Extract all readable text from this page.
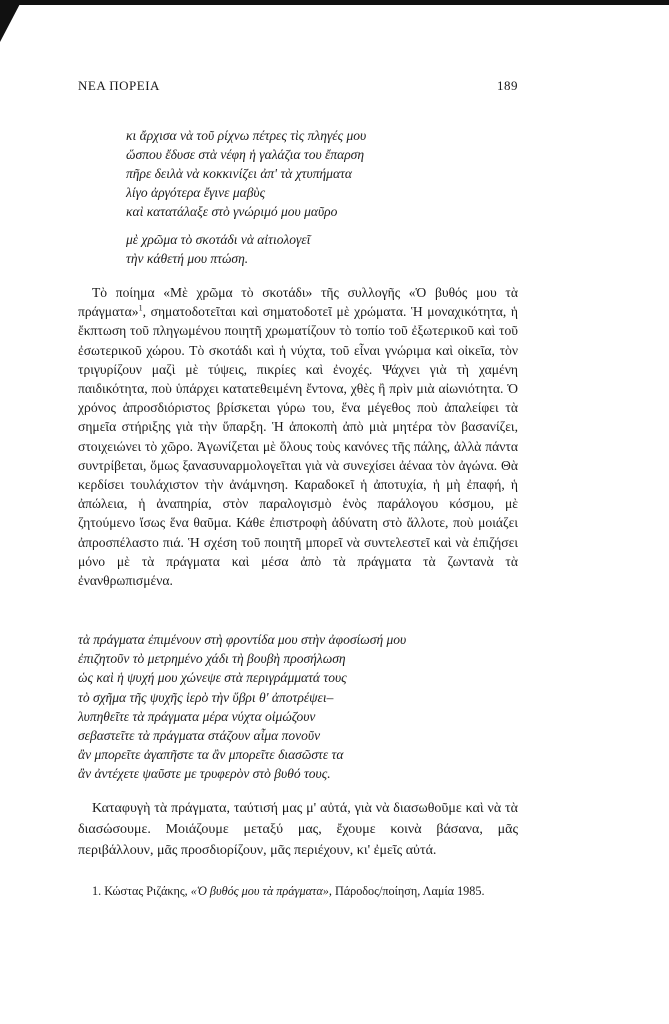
ΝΕΑ ΠΟΡΕΙΑ	189
κι ἄρχισα νὰ τοῦ ρίχνω πέτρες τὶς πληγές μου
ὥσπου ἔδυσε στὰ νέφη ἡ γαλάζια του ἔπαρση
πῆρε δειλὰ νὰ κοκκινίζει ἀπ' τὰ χτυπήματα
λίγο ἀργότερα ἔγινε μαβὺς
καὶ κατατάλαξε στὸ γνώριμό μου μαῦρο
μὲ χρῶμα τὸ σκοτάδι νὰ αἰτιολογεῖ
τὴν κάθετή μου πτώση.

Τὸ ποίημα «Μὲ χρῶμα τὸ σκοτάδι» τῆς συλλογῆς «Ὁ βυθός μου τὰ πράγματα»$^1$, σηματοδοτεῖται καὶ σηματοδοτεῖ μὲ χρώματα. Ἡ μοναχικότητα, ἡ ἔκπτωση τοῦ πληγωμένου ποιητῆ χρωματίζουν τὸ τοπίο τοῦ ἐξωτερικοῦ καὶ τοῦ ἐσωτερικοῦ χώρου. Τὸ σκοτάδι καὶ ἡ νύχτα, τοῦ εἶναι γνώριμα καὶ οἰκεῖα, τὸν τριγυρίζουν μαζὶ μὲ τύψεις, πικρίες καὶ ἐνοχές. Ψάχνει γιὰ τὴ χαμένη παιδικότητα, ποὺ ὑπάρχει κατατεθειμένη ἔντονα, χθὲς ἢ πρὶν μιὰ αἰωνιότητα. Ὁ χρόνος ἀπροσδιόριστος βρίσκεται γύρω του, ἕνα μέγεθος ποὺ ἀπαλείφει τὰ σημεῖα στήριξης γιὰ τὴν ὕπαρξη. Ἡ ἀποκοπὴ ἀπὸ μιὰ μητέρα τὸν βασανίζει, στοιχειώνει τὸ χῶρο. Ἀγωνίζεται μὲ ὅλους τοὺς κανόνες τῆς πάλης, ἀλλὰ πάντα συντρίβεται, ὅμως ξανασυναρμολογεῖται γιὰ νὰ συνεχίσει ἀέναα τὸν ἀγώνα. Θὰ κερδίσει τουλάχιστον τὴν ἀνάμνηση. Καραδοκεῖ ἡ ἀποτυχία, ἡ μὴ ἐπαφή, ἡ ἀπώλεια, ἡ ἀναπηρία, στὸν παραλογισμὸ ἑνὸς παράλογου κόσμου, μὲ ζητούμενο ἴσως ἕνα θαῦμα. Κάθε ἐπιστροφὴ ἀδύνατη στὸ ἄλλοτε, ποὺ μοιάζει ἀπροσπέλαστο πιά. Ἡ σχέση τοῦ ποιητῆ μπορεῖ νὰ συντελεστεῖ καὶ νὰ ἐπιζήσει μόνο μὲ τὰ πράγματα καὶ μέσα ἀπὸ τὰ πράγματα τὰ ζωντανὰ τὰ ἐνανθρωπισμένα.

τὰ πράγματα ἐπιμένουν στὴ φροντίδα μου στὴν ἀφοσίωσή μου
ἐπιζητοῦν τὸ μετρημένο χάδι τὴ βουβὴ προσήλωση
ὡς καὶ ἡ ψυχή μου χώνεψε στὰ περιγράμματά τους
τὸ σχῆμα τῆς ψυχῆς ἱερὸ τὴν ὕβρι θ' ἀποτρέψει–
λυπηθεῖτε τὰ πράγματα μέρα νύχτα οἰμώζουν
σεβαστεῖτε τὰ πράγματα στάζουν αἷμα πονοῦν
ἂν μπορεῖτε ἀγαπῆστε τα ἂν μπορεῖτε διασῶστε τα
ἂν ἀντέχετε ψαῦστε με τρυφερὸν στὸ βυθό τους.

Καταφυγὴ τὰ πράγματα, ταύτισή μας μ' αὐτά, γιὰ νὰ διασωθοῦμε καὶ νὰ τὰ διασώσουμε. Μοιάζουμε μεταξύ μας, ἔχουμε κοινὰ βάσανα, μᾶς περιβάλλουν, μᾶς προσδιορίζουν, μᾶς περιέχουν, κι' ἐμεῖς αὐτά.

1. Κώστας Ριζάκης, «Ὁ βυθός μου τὰ πράγματα», Πάροδος/ποίηση, Λαμία 1985.
